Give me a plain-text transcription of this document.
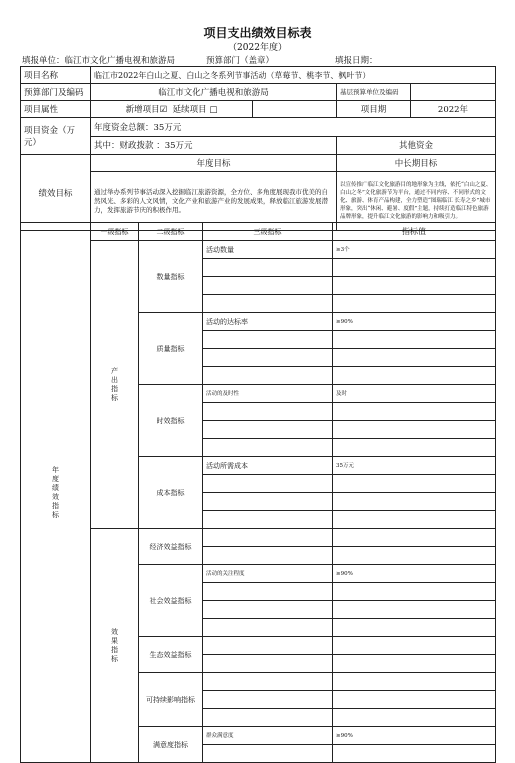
项目支出绩效目标表
（2022年度）
填报单位：临江市文化广播电视和旅游局	预算部门（盖章）	填报日期：
项目名称	临江市2022年白山之夏、白山之冬系列节事活动（草莓节、桃李节、枫叶节）			
预算部门及编码	临江市文化广播电视和旅游局		基层预算单位及编码	
项目属性	新增项目☑ 延续项目 □		项目期	2022年
项目资金（万元）	年度资金总额：35万元			
	其中：财政拨款 ：35万元		其他资金	
绩效目标	年度目标		中长期目标	
	通过举办系列节事活动深入挖掘临江旅游资源，全方位、多角度展现我市优美的自然风光、多彩的人文风情，文化产业和旅游产业的发展成果，释放临江旅游发展潜力，发挥旅游节庆的积极作用。		以宣传推广临江文化旅游目的地形象为主线，依托“白山之夏、白山之冬”文化旅游节为平台，通过不同内容、不同形式的文化、旅游、体育产品构建，全力塑造“图瑞临江 长寿之乡”城市形象，突出“休闲、避暑、度假”主题，持续打造临江特色旅游品牌形象，提升临江文化旅游的影响力和吸引力。	
年度绩效指标	一级指标	二级指标	三级指标	指标值

	产出指标	数量指标	活动数量	≥3个

		质量指标	活动的达标率	≥90%

		时效指标	活动的及时性	及时

		成本指标	活动所需成本	35万元

	效果指标	经济效益指标		

		社会效益指标	活动的关注程度	≥90%

		生态效益指标		

		可持续影响指标		

		满意度指标	群众满意度	≥90%
